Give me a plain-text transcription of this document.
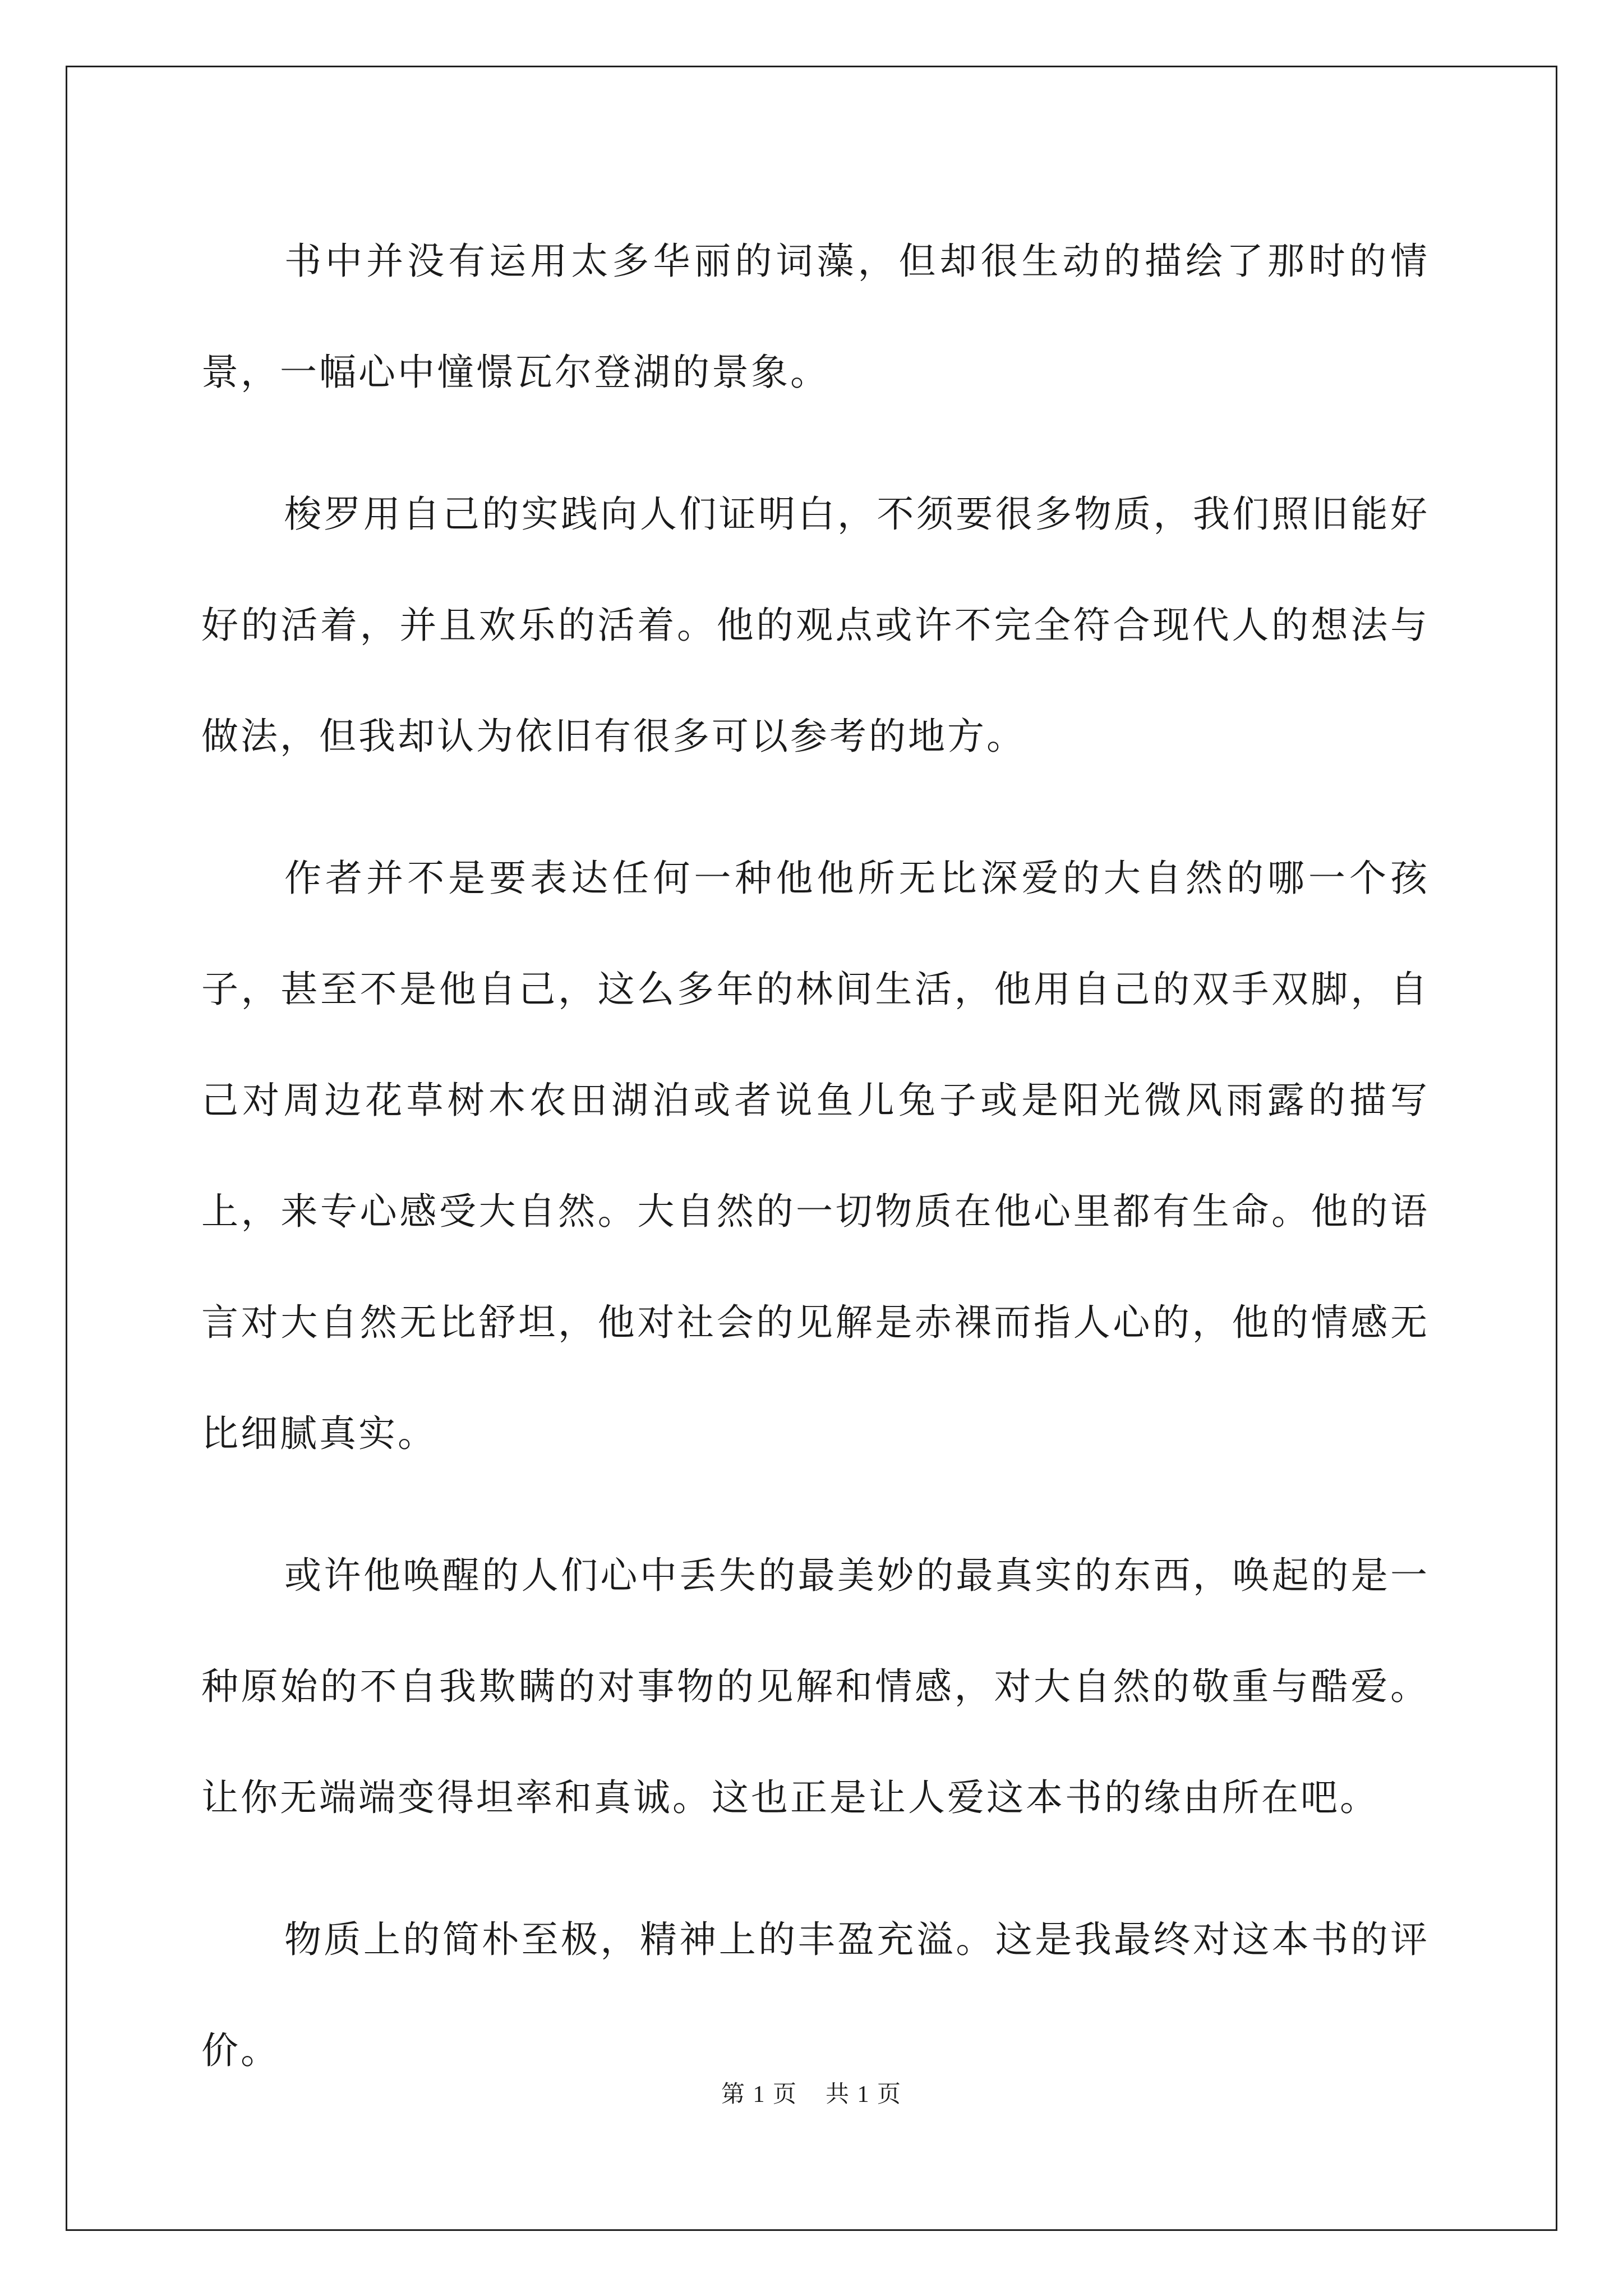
书中并没有运用太多华丽的词藻，但却很生动的描绘了那时的情景，一幅心中憧憬瓦尔登湖的景象。

梭罗用自己的实践向人们证明白，不须要很多物质，我们照旧能好好的活着，并且欢乐的活着。他的观点或许不完全符合现代人的想法与做法，但我却认为依旧有很多可以参考的地方。

作者并不是要表达任何一种他他所无比深爱的大自然的哪一个孩子，甚至不是他自己，这么多年的林间生活，他用自己的双手双脚，自己对周边花草树木农田湖泊或者说鱼儿兔子或是阳光微风雨露的描写上，来专心感受大自然。大自然的一切物质在他心里都有生命。他的语言对大自然无比舒坦，他对社会的见解是赤裸而指人心的，他的情感无比细腻真实。

或许他唤醒的人们心中丢失的最美妙的最真实的东西，唤起的是一种原始的不自我欺瞒的对事物的见解和情感，对大自然的敬重与酷爱。让你无端端变得坦率和真诚。这也正是让人爱这本书的缘由所在吧。

物质上的简朴至极，精神上的丰盈充溢。这是我最终对这本书的评价。

第 1 页 共 1 页
